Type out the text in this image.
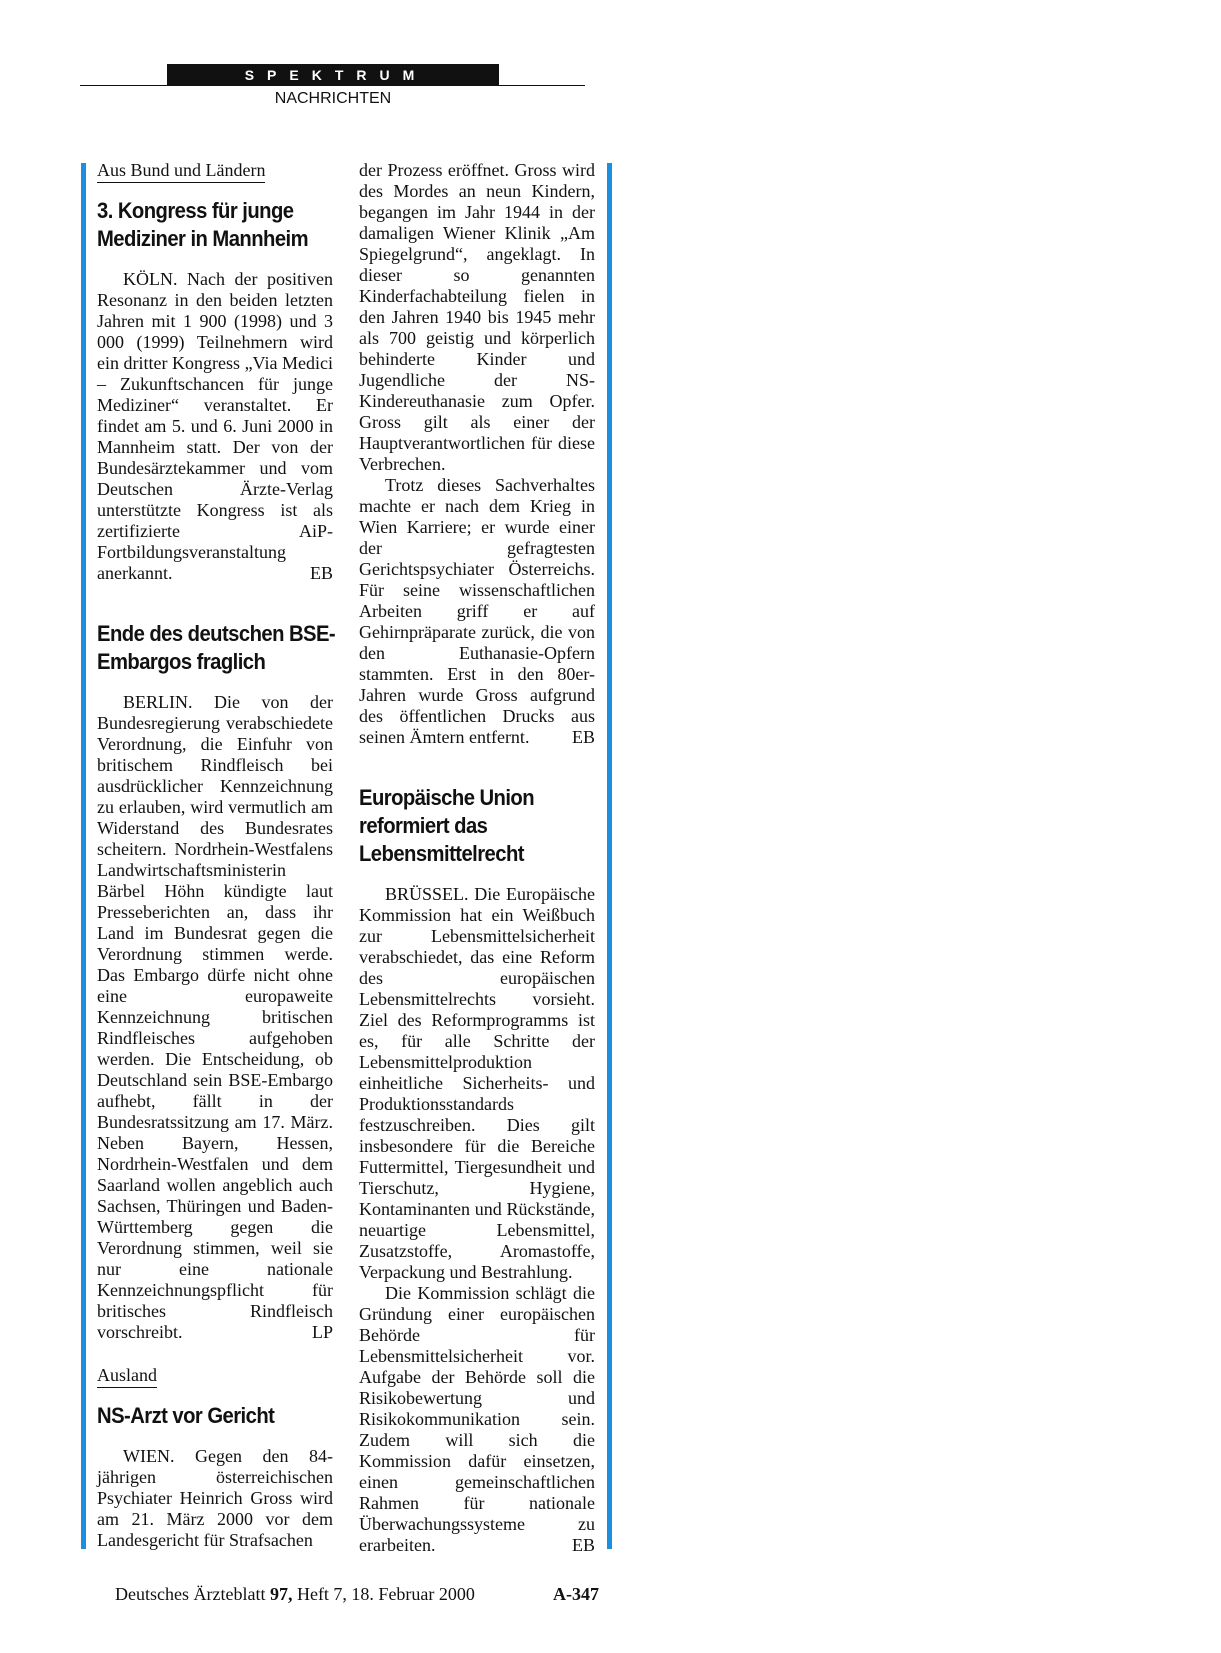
SPEKTRUM
NACHRICHTEN
Aus Bund und Ländern
3. Kongress für junge Mediziner in Mannheim

KÖLN. Nach der positiven Resonanz in den beiden letzten Jahren mit 1 900 (1998) und 3 000 (1999) Teilnehmern wird ein dritter Kongress „Via Medici – Zukunftschancen für junge Mediziner“ veranstaltet. Er findet am 5. und 6. Juni 2000 in Mannheim statt. Der von der Bundesärztekammer und vom Deutschen Ärzte-Verlag unterstützte Kongress ist als zertifizierte AiP-Fortbildungsveranstaltung anerkannt.	EB

Ende des deutschen BSE-Embargos fraglich

BERLIN. Die von der Bundesregierung verabschiedete Verordnung, die Einfuhr von britischem Rindfleisch bei ausdrücklicher Kennzeichnung zu erlauben, wird vermutlich am Widerstand des Bundesrates scheitern. Nordrhein-Westfalens Landwirtschaftsministerin Bärbel Höhn kündigte laut Presseberichten an, dass ihr Land im Bundesrat gegen die Verordnung stimmen werde. Das Embargo dürfe nicht ohne eine europaweite Kennzeichnung britischen Rindfleisches aufgehoben werden. Die Entscheidung, ob Deutschland sein BSE-Embargo aufhebt, fällt in der Bundesratssitzung am 17. März. Neben Bayern, Hessen, Nordrhein-Westfalen und dem Saarland wollen angeblich auch Sachsen, Thüringen und Baden-Württemberg gegen die Verordnung stimmen, weil sie nur eine nationale Kennzeichnungspflicht für britisches Rindfleisch vorschreibt.	LP

Ausland
NS-Arzt vor Gericht

WIEN. Gegen den 84-jährigen österreichischen Psychiater Heinrich Gross wird am 21. März 2000 vor dem Landesgericht für Strafsachen

der Prozess eröffnet. Gross wird des Mordes an neun Kindern, begangen im Jahr 1944 in der damaligen Wiener Klinik „Am Spiegelgrund“, angeklagt. In dieser so genannten Kinderfachabteilung fielen in den Jahren 1940 bis 1945 mehr als 700 geistig und körperlich behinderte Kinder und Jugendliche der NS-Kindereuthanasie zum Opfer. Gross gilt als einer der Hauptverantwortlichen für diese Verbrechen.

Trotz dieses Sachverhaltes machte er nach dem Krieg in Wien Karriere; er wurde einer der gefragtesten Gerichtspsychiater Österreichs. Für seine wissenschaftlichen Arbeiten griff er auf Gehirnpräparate zurück, die von den Euthanasie-Opfern stammten. Erst in den 80er-Jahren wurde Gross aufgrund des öffentlichen Drucks aus seinen Ämtern entfernt.	EB

Europäische Union reformiert das Lebensmittelrecht

BRÜSSEL. Die Europäische Kommission hat ein Weißbuch zur Lebensmittelsicherheit verabschiedet, das eine Reform des europäischen Lebensmittelrechts vorsieht. Ziel des Reformprogramms ist es, für alle Schritte der Lebensmittelproduktion einheitliche Sicherheits- und Produktionsstandards festzuschreiben. Dies gilt insbesondere für die Bereiche Futtermittel, Tiergesundheit und Tierschutz, Hygiene, Kontaminanten und Rückstände, neuartige Lebensmittel, Zusatzstoffe, Aromastoffe, Verpackung und Bestrahlung.

Die Kommission schlägt die Gründung einer europäischen Behörde für Lebensmittelsicherheit vor. Aufgabe der Behörde soll die Risikobewertung und Risikokommunikation sein. Zudem will sich die Kommission dafür einsetzen, einen gemeinschaftlichen Rahmen für nationale Überwachungssysteme zu erarbeiten.	EB

Deutsches Ärzteblatt 97, Heft 7, 18. Februar 2000	A-347
